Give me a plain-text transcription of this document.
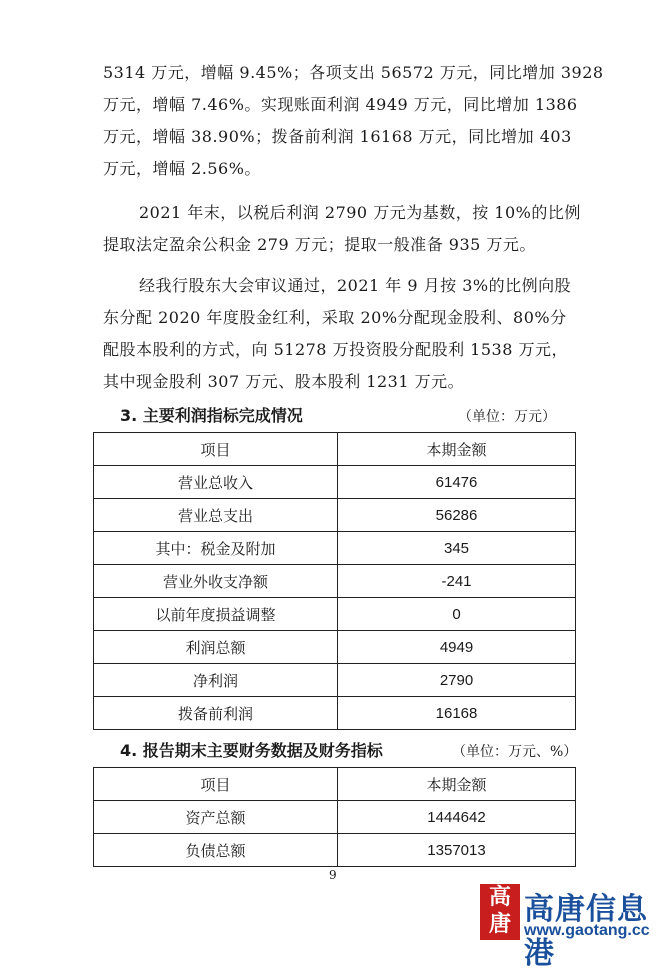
5314 万元，增幅 9.45%；各项支出 56572 万元，同比增加 3928

万元，增幅 7.46%。实现账面利润 4949 万元，同比增加 1386

万元，增幅 38.90%；拨备前利润 16168 万元，同比增加 403

万元，增幅 2.56%。

2021 年末，以税后利润 2790 万元为基数，按 10%的比例

提取法定盈余公积金 279 万元；提取一般准备 935 万元。

经我行股东大会审议通过，2021 年 9 月按 3%的比例向股

东分配 2020 年度股金红利，采取 20%分配现金股利、80%分

配股本股利的方式，向 51278 万投资股分配股利 1538 万元，

其中现金股利 307 万元、股本股利 1231 万元。

3. 主要利润指标完成情况	（单位：万元）
项目	本期金额
营业总收入	61476
营业总支出	56286
其中：税金及附加	345
营业外收支净额	-241
以前年度损益调整	0
利润总额	4949
净利润	2790
拨备前利润	16168
4. 报告期末主要财务数据及财务指标	（单位：万元、%）
项目	本期金额
资产总额	1444642
负债总额	1357013
9
高唐 高唐信息港
www.gaotang.cc
